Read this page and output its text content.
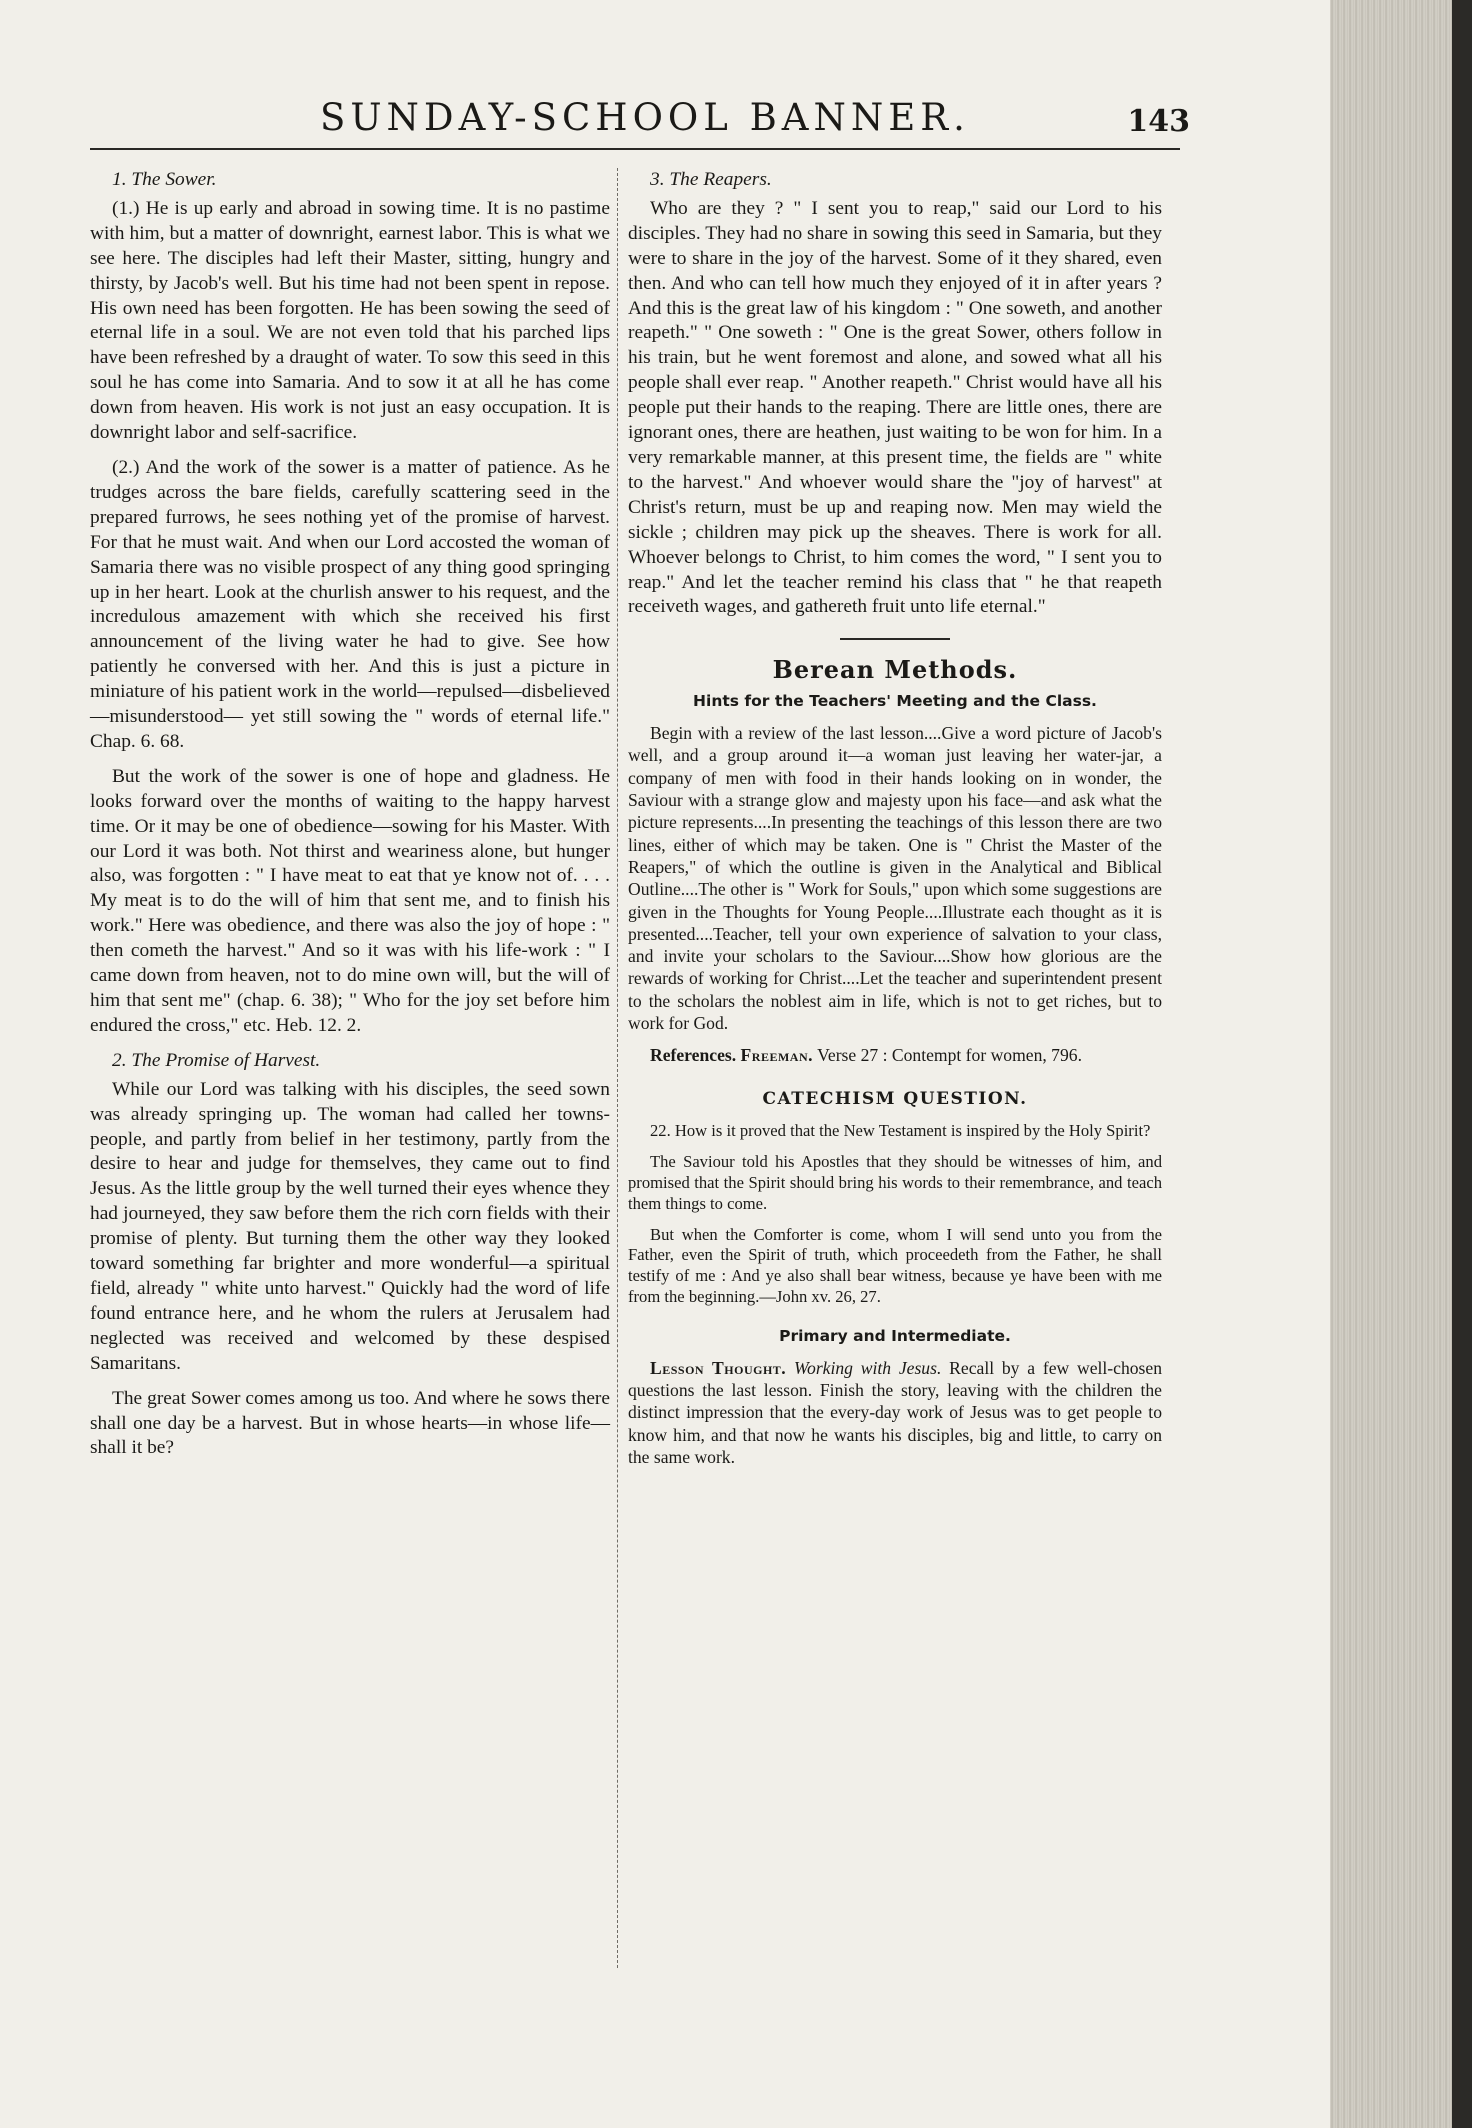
SUNDAY-SCHOOL BANNER.	143
1. The Sower.

(1.) He is up early and abroad in sowing time. It is no pastime with him, but a matter of downright, earnest labor. This is what we see here. The disciples had left their Master, sitting, hungry and thirsty, by Jacob's well. But his time had not been spent in repose. His own need has been forgotten. He has been sowing the seed of eternal life in a soul. We are not even told that his parched lips have been refreshed by a draught of water. To sow this seed in this soul he has come into Samaria. And to sow it at all he has come down from heaven. His work is not just an easy occupation. It is downright labor and self-sacrifice.

(2.) And the work of the sower is a matter of patience. As he trudges across the bare fields, carefully scattering seed in the prepared furrows, he sees nothing yet of the promise of harvest. For that he must wait. And when our Lord accosted the woman of Samaria there was no visible prospect of any thing good springing up in her heart. Look at the churlish answer to his request, and the incredulous amazement with which she received his first announcement of the living water he had to give. See how patiently he conversed with her. And this is just a picture in miniature of his patient work in the world—repulsed—disbelieved—misunderstood— yet still sowing the " words of eternal life." Chap. 6. 68.

But the work of the sower is one of hope and gladness. He looks forward over the months of waiting to the happy harvest time. Or it may be one of obedience—sowing for his Master. With our Lord it was both. Not thirst and weariness alone, but hunger also, was forgotten : " I have meat to eat that ye know not of. . . . My meat is to do the will of him that sent me, and to finish his work." Here was obedience, and there was also the joy of hope : " then cometh the harvest." And so it was with his life-work : " I came down from heaven, not to do mine own will, but the will of him that sent me" (chap. 6. 38); " Who for the joy set before him endured the cross," etc. Heb. 12. 2.

2. The Promise of Harvest.

While our Lord was talking with his disciples, the seed sown was already springing up. The woman had called her towns-people, and partly from belief in her testimony, partly from the desire to hear and judge for themselves, they came out to find Jesus. As the little group by the well turned their eyes whence they had journeyed, they saw before them the rich corn fields with their promise of plenty. But turning them the other way they looked toward something far brighter and more wonderful—a spiritual field, already " white unto harvest." Quickly had the word of life found entrance here, and he whom the rulers at Jerusalem had neglected was received and welcomed by these despised Samaritans.

The great Sower comes among us too. And where he sows there shall one day be a harvest. But in whose hearts—in whose life—shall it be?

3. The Reapers.

Who are they ? " I sent you to reap," said our Lord to his disciples. They had no share in sowing this seed in Samaria, but they were to share in the joy of the harvest. Some of it they shared, even then. And who can tell how much they enjoyed of it in after years ? And this is the great law of his kingdom : " One soweth, and another reapeth." " One soweth : " One is the great Sower, others follow in his train, but he went foremost and alone, and sowed what all his people shall ever reap. " Another reapeth." Christ would have all his people put their hands to the reaping. There are little ones, there are ignorant ones, there are heathen, just waiting to be won for him. In a very remarkable manner, at this present time, the fields are " white to the harvest." And whoever would share the "joy of harvest" at Christ's return, must be up and reaping now. Men may wield the sickle ; children may pick up the sheaves. There is work for all. Whoever belongs to Christ, to him comes the word, " I sent you to reap." And let the teacher remind his class that " he that reapeth receiveth wages, and gathereth fruit unto life eternal."

Berean Methods.
Hints for the Teachers' Meeting and the Class.

Begin with a review of the last lesson....Give a word picture of Jacob's well, and a group around it—a woman just leaving her water-jar, a company of men with food in their hands looking on in wonder, the Saviour with a strange glow and majesty upon his face—and ask what the picture represents....In presenting the teachings of this lesson there are two lines, either of which may be taken. One is " Christ the Master of the Reapers," of which the outline is given in the Analytical and Biblical Outline....The other is " Work for Souls," upon which some suggestions are given in the Thoughts for Young People....Illustrate each thought as it is presented....Teacher, tell your own experience of salvation to your class, and invite your scholars to the Saviour....Show how glorious are the rewards of working for Christ....Let the teacher and superintendent present to the scholars the noblest aim in life, which is not to get riches, but to work for God.

References. Freeman. Verse 27 : Contempt for women, 796.

CATECHISM QUESTION.

22. How is it proved that the New Testament is inspired by the Holy Spirit?

The Saviour told his Apostles that they should be witnesses of him, and promised that the Spirit should bring his words to their remembrance, and teach them things to come.

But when the Comforter is come, whom I will send unto you from the Father, even the Spirit of truth, which proceedeth from the Father, he shall testify of me : And ye also shall bear witness, because ye have been with me from the beginning.—John xv. 26, 27.

Primary and Intermediate.

Lesson Thought. Working with Jesus. Recall by a few well-chosen questions the last lesson. Finish the story, leaving with the children the distinct impression that the every-day work of Jesus was to get people to know him, and that now he wants his disciples, big and little, to carry on the same work.
